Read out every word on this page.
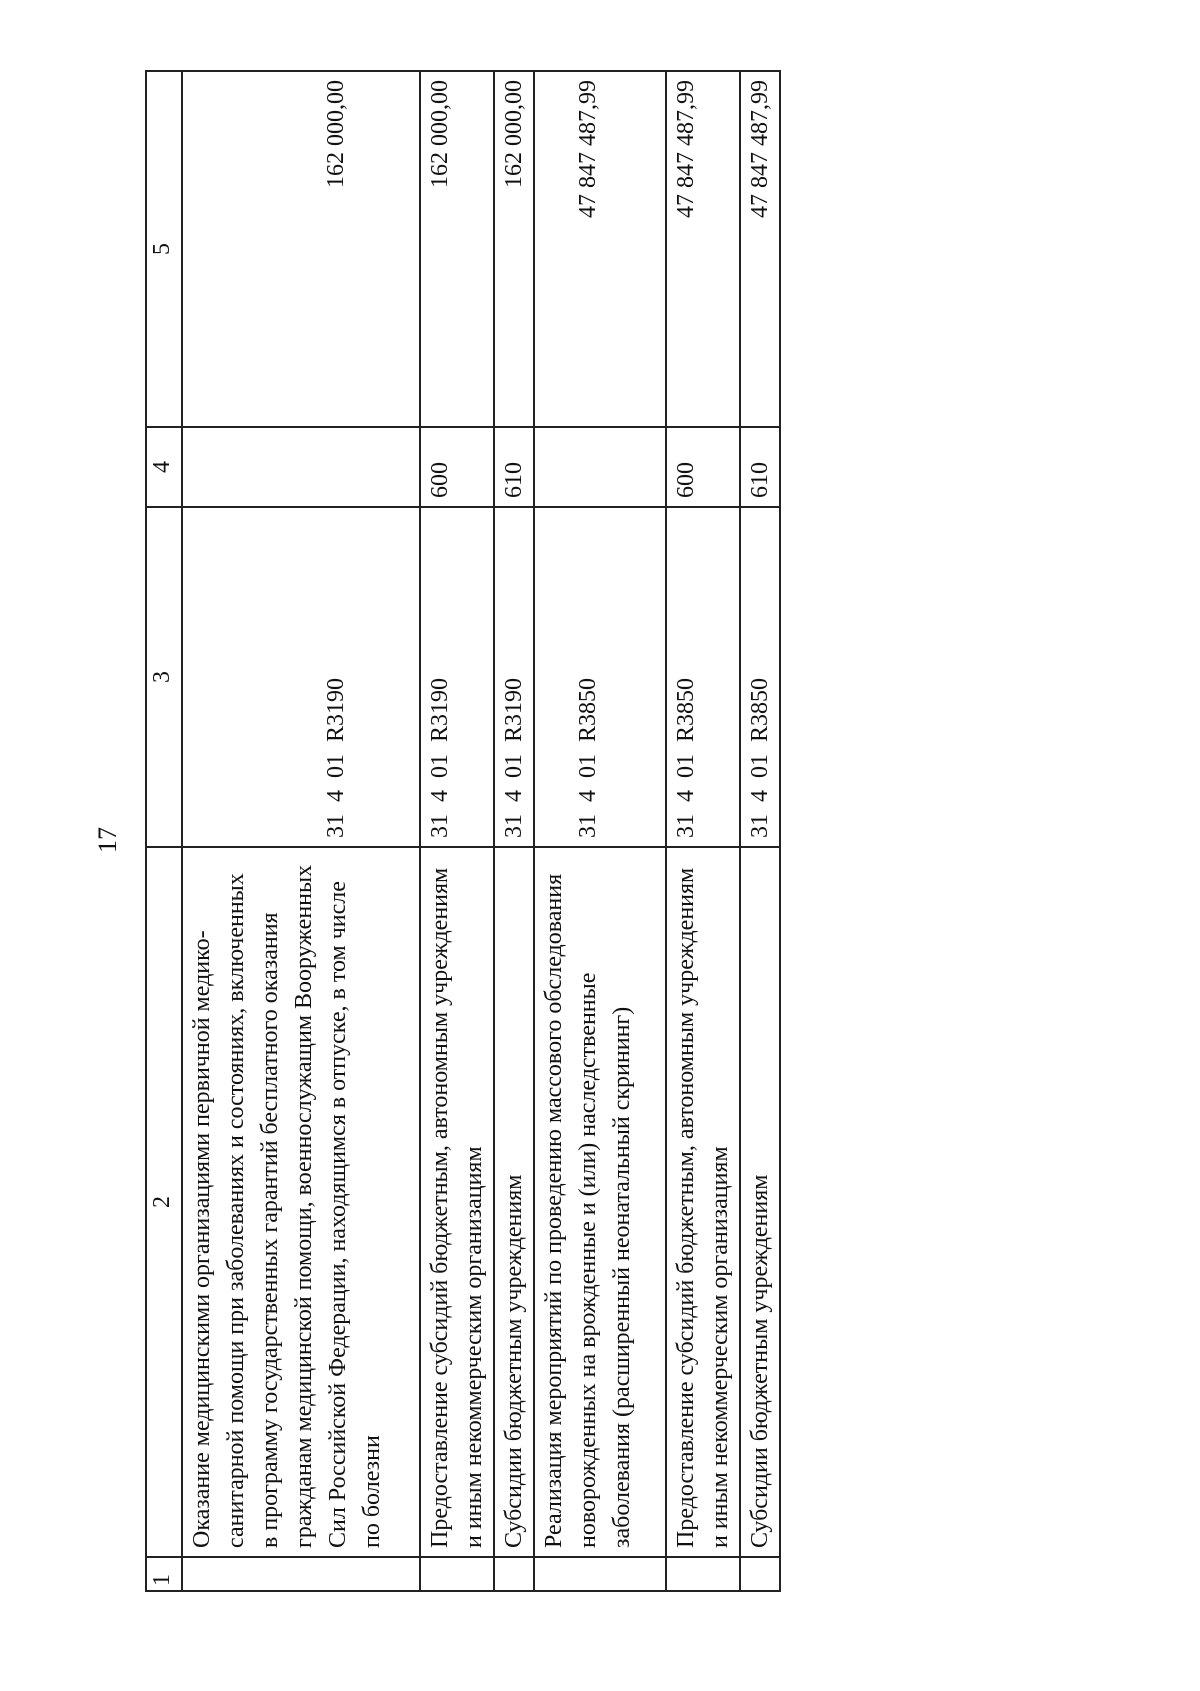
17
1	2	3	4	5
	Оказание медицинскими организациями первичной медико-санитарной помощи при заболеваниях и состояниях, включенных в программу государственных гарантий бесплатного оказания гражданам медицинской помощи, военнослужащим Вооруженных Сил Российской Федерации, находящимся в отпуске, в том числе по болезни	31  4  01  R3190		162 000,00
	Предоставление субсидий бюджетным, автономным учреждениям и иным некоммерческим организациям	31  4  01  R3190	600	162 000,00
	Субсидии бюджетным учреждениям	31  4  01  R3190	610	162 000,00
	Реализация мероприятий по проведению массового обследования новорожденных на врожденные и (или) наследственные заболевания (расширенный неонатальный скрининг)	31  4  01  R3850		47 847 487,99
	Предоставление субсидий бюджетным, автономным учреждениям и иным некоммерческим организациям	31  4  01  R3850	600	47 847 487,99
	Субсидии бюджетным учреждениям	31  4  01  R3850	610	47 847 487,99
